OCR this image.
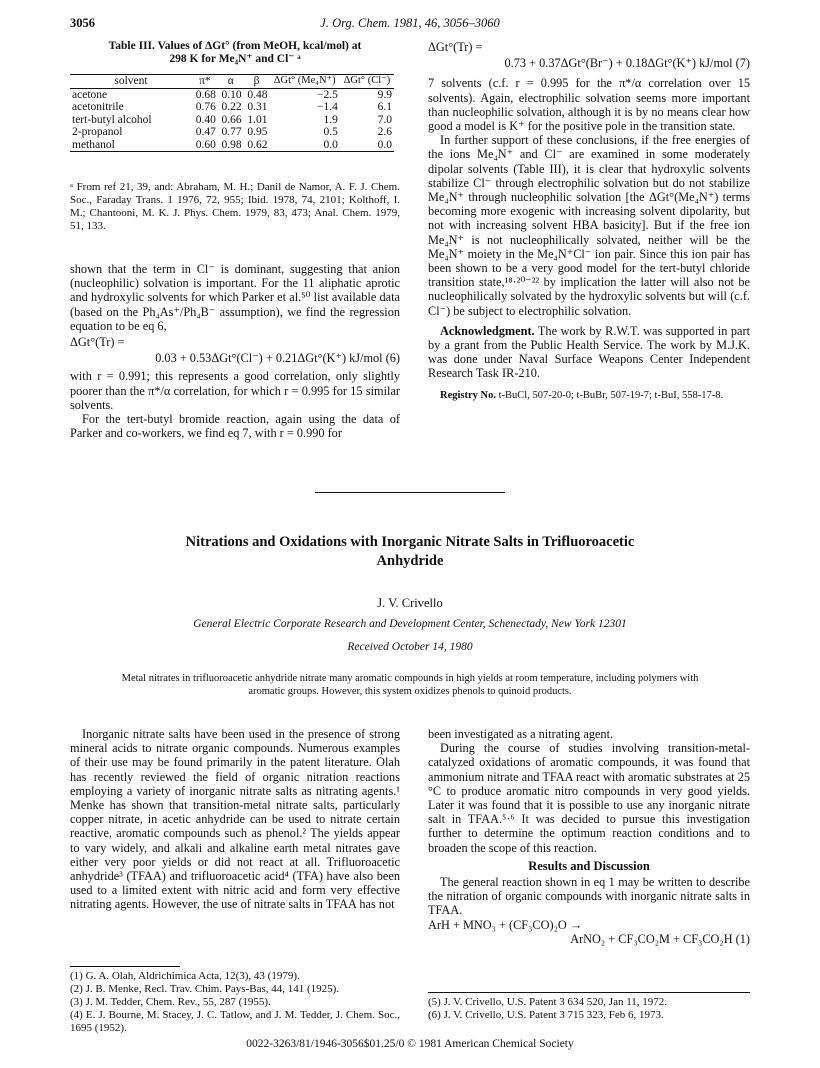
3056	J. Org. Chem. 1981, 46, 3056–3060
Table III. Values of ΔGt° (from MeOH, kcal/mol) at
298 K for Me₄N⁺ and Cl⁻ ᵃ
solvent	π*	α	β	ΔGt° (Me₄N⁺)	ΔGt° (Cl⁻)
acetone	0.68	0.10	0.48	−2.5	9.9
acetonitrile	0.76	0.22	0.31	−1.4	6.1
tert-butyl alcohol	0.40	0.66	1.01	1.9	7.0
2-propanol	0.47	0.77	0.95	0.5	2.6
methanol	0.60	0.98	0.62	0.0	0.0
ᵃ From ref 21, 39, and: Abraham, M. H.; Danil de Namor, A. F. J. Chem. Soc., Faraday Trans. 1 1976, 72, 955; Ibid. 1978, 74, 2101; Kolthoff, I. M.; Chantooni, M. K. J. Phys. Chem. 1979, 83, 473; Anal. Chem. 1979, 51, 133.

shown that the term in Cl⁻ is dominant, suggesting that anion (nucleophilic) solvation is important. For the 11 aliphatic aprotic and hydroxylic solvents for which Parker et al.⁵⁰ list available data (based on the Ph₄As⁺/Ph₄B⁻ assumption), we find the regression equation to be eq 6,

ΔGt°(Tr) =
0.03 + 0.53ΔGt°(Cl⁻) + 0.21ΔGt°(K⁺) kJ/mol (6)

with r = 0.991; this represents a good correlation, only slightly poorer than the π*/α correlation, for which r = 0.995 for 15 similar solvents.

For the tert-butyl bromide reaction, again using the data of Parker and co-workers, we find eq 7, with r = 0.990 for

ΔGt°(Tr) =
0.73 + 0.37ΔGt°(Br⁻) + 0.18ΔGt°(K⁺) kJ/mol (7)

7 solvents (c.f. r = 0.995 for the π*/α correlation over 15 solvents). Again, electrophilic solvation seems more important than nucleophilic solvation, although it is by no means clear how good a model is K⁺ for the positive pole in the transition state.

In further support of these conclusions, if the free energies of the ions Me₄N⁺ and Cl⁻ are examined in some moderately dipolar solvents (Table III), it is clear that hydroxylic solvents stabilize Cl⁻ through electrophilic solvation but do not stabilize Me₄N⁺ through nucleophilic solvation [the ΔGt°(Me₄N⁺) terms becoming more exogenic with increasing solvent dipolarity, but not with increasing solvent HBA basicity]. But if the free ion Me₄N⁺ is not nucleophilically solvated, neither will be the Me₄N⁺ moiety in the Me₄N⁺Cl⁻ ion pair. Since this ion pair has been shown to be a very good model for the tert-butyl chloride transition state,¹⁸·²⁰⁻²² by implication the latter will also not be nucleophilically solvated by the hydroxylic solvents but will (c.f. Cl⁻) be subject to electrophilic solvation.

Acknowledgment. The work by R.W.T. was supported in part by a grant from the Public Health Service. The work by M.J.K. was done under Naval Surface Weapons Center Independent Research Task IR-210.

Registry No. t-BuCl, 507-20-0; t-BuBr, 507-19-7; t-BuI, 558-17-8.

Nitrations and Oxidations with Inorganic Nitrate Salts in Trifluoroacetic
Anhydride
J. V. Crivello
General Electric Corporate Research and Development Center, Schenectady, New York 12301
Received October 14, 1980
Metal nitrates in trifluoroacetic anhydride nitrate many aromatic compounds in high yields at room temperature, including polymers with aromatic groups. However, this system oxidizes phenols to quinoid products.

Inorganic nitrate salts have been used in the presence of strong mineral acids to nitrate organic compounds. Numerous examples of their use may be found primarily in the patent literature. Olah has recently reviewed the field of organic nitration reactions employing a variety of inorganic nitrate salts as nitrating agents.¹ Menke has shown that transition-metal nitrate salts, particularly copper nitrate, in acetic anhydride can be used to nitrate certain reactive, aromatic compounds such as phenol.² The yields appear to vary widely, and alkali and alkaline earth metal nitrates gave either very poor yields or did not react at all. Trifluoroacetic anhydride³ (TFAA) and trifluoroacetic acid⁴ (TFA) have also been used to a limited extent with nitric acid and form very effective nitrating agents. However, the use of nitrate salts in TFAA has not

(1) G. A. Olah, Aldrichimica Acta, 12(3), 43 (1979).
(2) J. B. Menke, Recl. Trav. Chim. Pays-Bas, 44, 141 (1925).
(3) J. M. Tedder, Chem. Rev., 55, 287 (1955).
(4) E. J. Bourne, M. Stacey, J. C. Tatlow, and J. M. Tedder, J. Chem. Soc., 1695 (1952).

been investigated as a nitrating agent.

During the course of studies involving transition-metal-catalyzed oxidations of aromatic compounds, it was found that ammonium nitrate and TFAA react with aromatic substrates at 25 °C to produce aromatic nitro compounds in very good yields. Later it was found that it is possible to use any inorganic nitrate salt in TFAA.⁵·⁶ It was decided to pursue this investigation further to determine the optimum reaction conditions and to broaden the scope of this reaction.

Results and Discussion

The general reaction shown in eq 1 may be written to describe the nitration of organic compounds with inorganic nitrate salts in TFAA.

ArH + MNO₃ + (CF₃CO)₂O →
ArNO₂ + CF₃CO₂M + CF₃CO₂H (1)
(5) J. V. Crivello, U.S. Patent 3 634 520, Jan 11, 1972.
(6) J. V. Crivello, U.S. Patent 3 715 323, Feb 6, 1973.
0022-3263/81/1946-3056$01.25/0 © 1981 American Chemical Society
